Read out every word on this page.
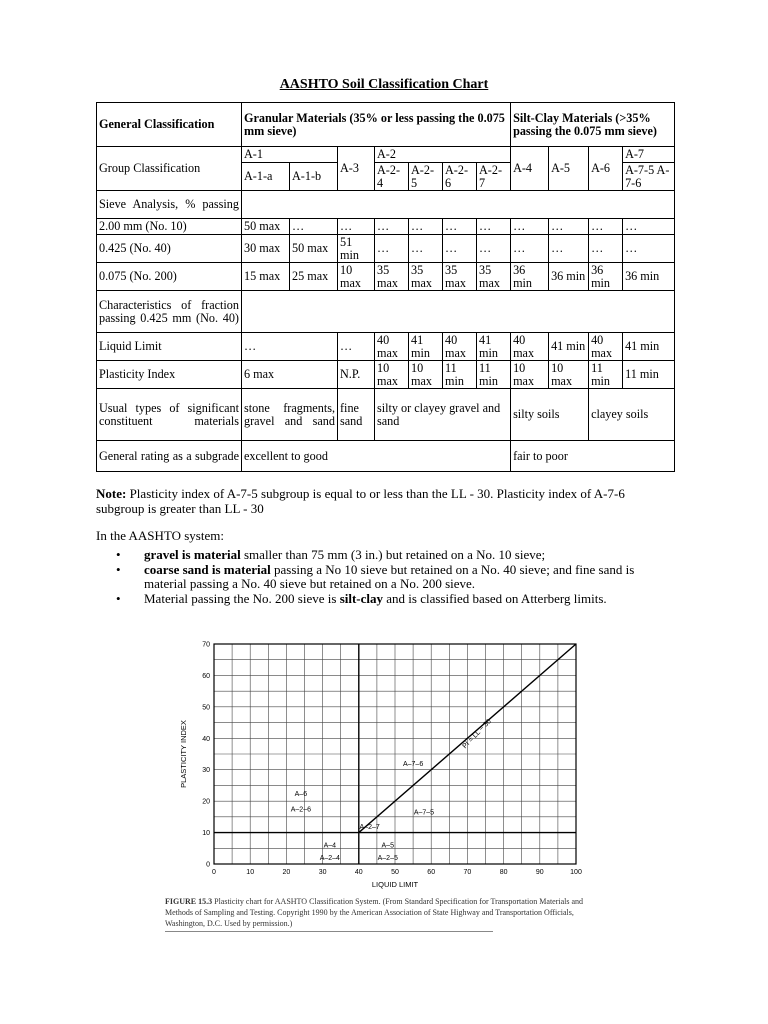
AASHTO Soil Classification Chart
General Classification	Granular Materials (35% or less passing the 0.075 mm sieve)							Silt-Clay Materials (>35% passing the 0.075 mm sieve)			
Group Classification	A-1		A-3	A-2				A-4	A-5	A-6	A-7
	A-1-a	A-1-b		A-2-4	A-2-5	A-2-6	A-2-7				A-7-5 A-7-6
Sieve Analysis, % passing											
2.00 mm (No. 10)	50 max	…	…	…	…	…	…	…	…	…	…
0.425 (No. 40)	30 max	50 max	51 min	…	…	…	…	…	…	…	…
0.075 (No. 200)	15 max	25 max	10 max	35 max	35 max	35 max	35 max	36 min	36 min	36 min	36 min
Characteristics of fraction passing 0.425 mm (No. 40)											
Liquid Limit	…		…	40 max	41 min	40 max	41 min	40 max	41 min	40 max	41 min
Plasticity Index	6 max		N.P.	10 max	10 max	11 min	11 min	10 max	10 max	11 min	11 min
Usual types of significant constituent materials	stone fragments, gravel and sand		fine sand	silty or clayey gravel and sand				silty soils		clayey soils	
General rating as a subgrade	excellent to good							fair to poor			
Note: Plasticity index of A-7-5 subgroup is equal to or less than the LL - 30. Plasticity index of A-7-6 subgroup is greater than LL - 30
In the AASHTO system:
• gravel is material smaller than 75 mm (3 in.) but retained on a No. 10 sieve;
• coarse sand is material passing a No 10 sieve but retained on a No. 40 sieve; and fine sand is material passing a No. 40 sieve but retained on a No. 200 sieve.
• Material passing the No. 200 sieve is silt-clay and is classified based on Atterberg limits.
0	10	20	30	40	50	60	70	80	90	100
0
10
20
30
40
50
60
70
A–6
A–2–6
A–7–6
A–7–5
A–2–7
A–4
A–2–4
A–5
A–2–5
PI = LL − 30
LIQUID LIMIT
PLASTICITY INDEX
FIGURE 15.3 Plasticity chart for AASHTO Classification System. (From Standard Specification for Transportation Materials and Methods of Sampling and Testing. Copyright 1990 by the American Association of State Highway and Transportation Officials, Washington, D.C. Used by permission.)
